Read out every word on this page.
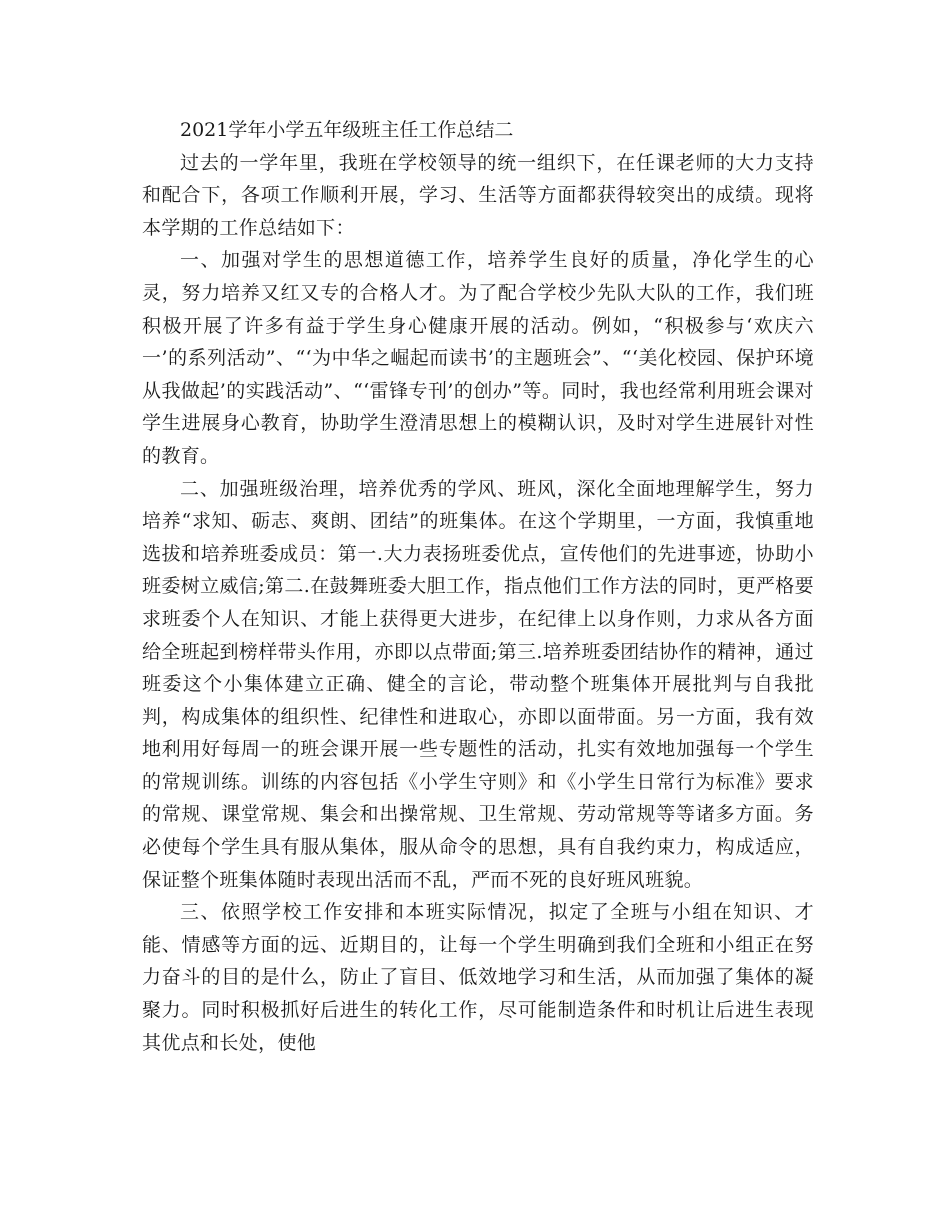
2021学年小学五年级班主任工作总结二

过去的一学年里，我班在学校领导的统一组织下，在任课老师的大力支持和配合下，各项工作顺利开展，学习、生活等方面都获得较突出的成绩。现将本学期的工作总结如下：

一、加强对学生的思想道德工作，培养学生良好的质量，净化学生的心灵，努力培养又红又专的合格人才。为了配合学校少先队大队的工作，我们班积极开展了许多有益于学生身心健康开展的活动。例如，“积极参与‘欢庆六一’的系列活动”、“‘为中华之崛起而读书’的主题班会”、“‘美化校园、保护环境从我做起’的实践活动”、“‘雷锋专刊’的创办”等。同时，我也经常利用班会课对学生进展身心教育，协助学生澄清思想上的模糊认识，及时对学生进展针对性的教育。

二、加强班级治理，培养优秀的学风、班风，深化全面地理解学生，努力培养“求知、砺志、爽朗、团结”的班集体。在这个学期里，一方面，我慎重地选拔和培养班委成员：第一.大力表扬班委优点，宣传他们的先进事迹，协助小班委树立威信;第二.在鼓舞班委大胆工作，指点他们工作方法的同时，更严格要求班委个人在知识、才能上获得更大进步，在纪律上以身作则，力求从各方面给全班起到榜样带头作用，亦即以点带面;第三.培养班委团结协作的精神，通过班委这个小集体建立正确、健全的言论，带动整个班集体开展批判与自我批判，构成集体的组织性、纪律性和进取心，亦即以面带面。另一方面，我有效地利用好每周一的班会课开展一些专题性的活动，扎实有效地加强每一个学生的常规训练。训练的内容包括《小学生守则》和《小学生日常行为标准》要求的常规、课堂常规、集会和出操常规、卫生常规、劳动常规等等诸多方面。务必使每个学生具有服从集体，服从命令的思想，具有自我约束力，构成适应，保证整个班集体随时表现出活而不乱，严而不死的良好班风班貌。

三、依照学校工作安排和本班实际情况，拟定了全班与小组在知识、才能、情感等方面的远、近期目的，让每一个学生明确到我们全班和小组正在努力奋斗的目的是什么，防止了盲目、低效地学习和生活，从而加强了集体的凝聚力。同时积极抓好后进生的转化工作，尽可能制造条件和时机让后进生表现其优点和长处，使他
